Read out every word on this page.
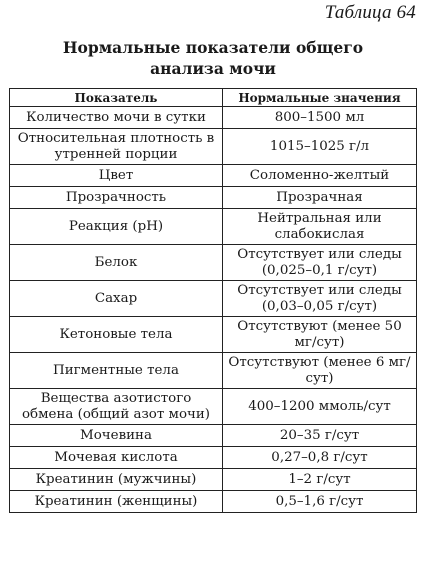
Таблица 64
Нормальные показатели общего
анализа мочи
Показатель	Нормальные значения
Количество мочи в сутки	800–1500 мл
Относительная плотность в утренней порции	1015–1025 г/л
Цвет	Соломенно-желтый
Прозрачность	Прозрачная
Реакция (pH)	Нейтральная или слабокислая
Белок	Отсутствует или следы (0,025–0,1 г/сут)
Сахар	Отсутствует или следы (0,03–0,05 г/сут)
Кетоновые тела	Отсутствуют (менее 50 мг/сут)
Пигментные тела	Отсутствуют (менее 6 мг/сут)
Вещества азотистого обмена (общий азот мочи)	400–1200 ммоль/сут
Мочевина	20–35 г/сут
Мочевая кислота	0,27–0,8 г/сут
Креатинин (мужчины)	1–2 г/сут
Креатинин (женщины)	0,5–1,6 г/сут
